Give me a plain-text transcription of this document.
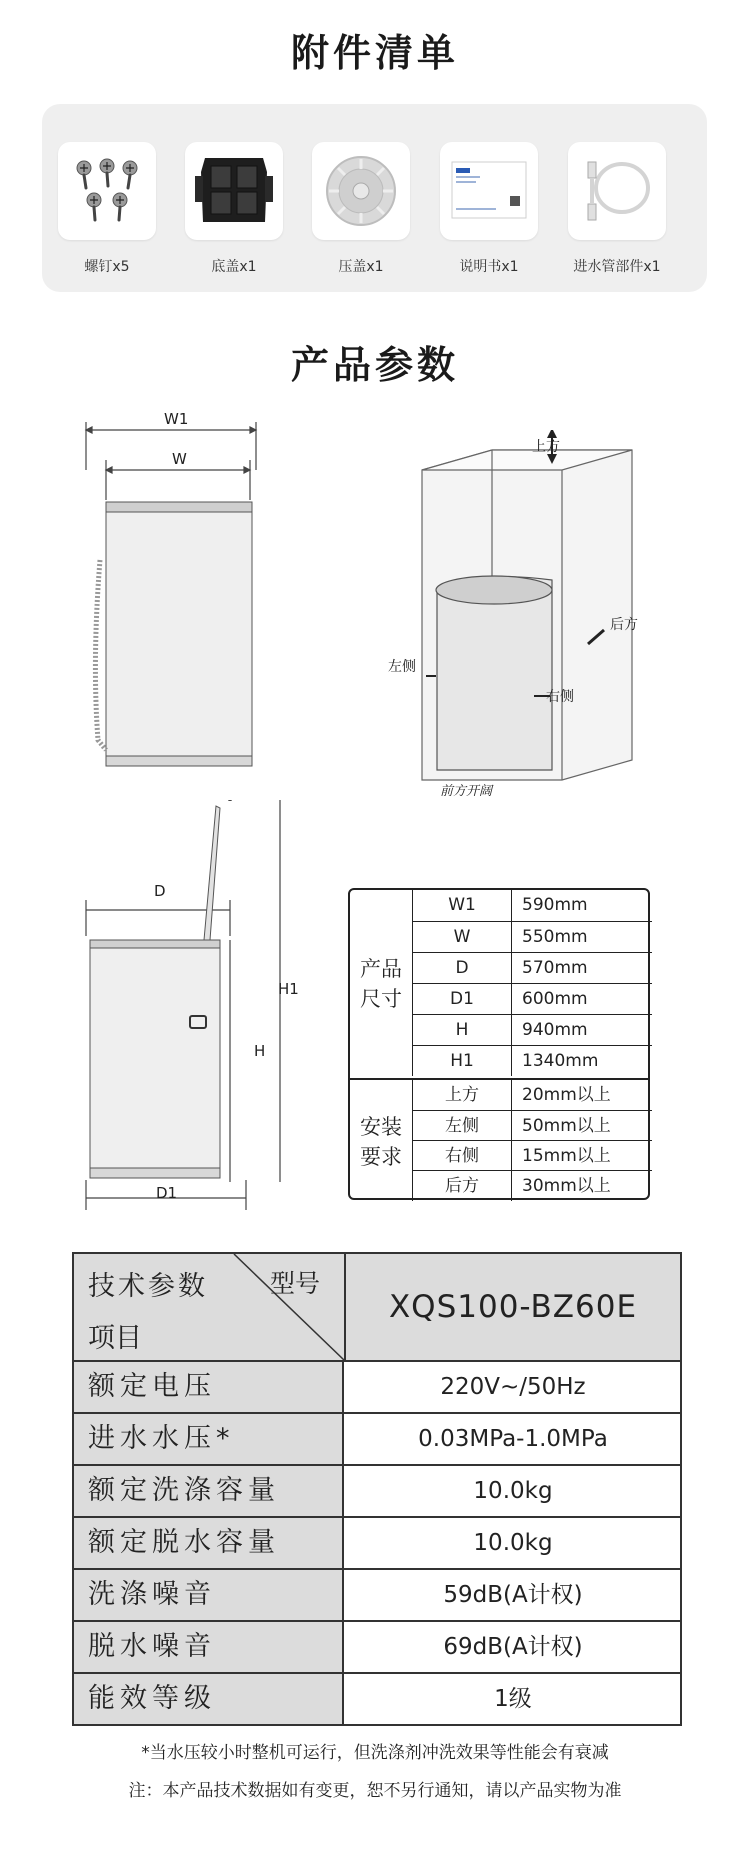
附件清单
螺钉x5	底盖x1	压盖x1	说明书x1	进水管部件x1
产品参数
W1
W
上方
后方
左侧
右侧
前方开阔
D
H1
H
D1
产品
尺寸
安装
要求
W1	590mm
W	550mm
D	570mm
D1	600mm
H	940mm
H1	1340mm
上方	20mm以上
左侧	50mm以上
右侧	15mm以上
后方	30mm以上
技术参数 型号
项目
XQS100-BZ60E
额定电压	220V~/50Hz
进水水压*	0.03MPa-1.0MPa
额定洗涤容量	10.0kg
额定脱水容量	10.0kg
洗涤噪音	59dB(A计权)
脱水噪音	69dB(A计权)
能效等级	1级
*当水压较小时整机可运行，但洗涤剂冲洗效果等性能会有衰减
注：本产品技术数据如有变更，恕不另行通知，请以产品实物为准
